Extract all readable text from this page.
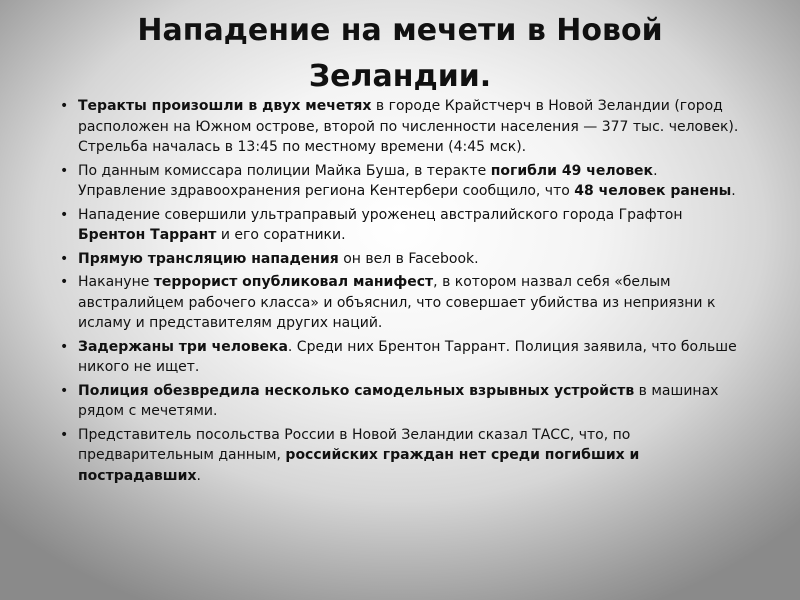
Нападение на мечети в Новой Зеландии.
• Теракты произошли в двух мечетях в городе Крайстчерч в Новой Зеландии (город расположен на Южном острове, второй по численности населения — 377 тыс. человек). Стрельба началась в 13:45 по местному времени (4:45 мск).
• По данным комиссара полиции Майка Буша, в теракте погибли 49 человек. Управление здравоохранения региона Кентербери сообщило, что 48 человек ранены.
• Нападение совершили ультраправый уроженец австралийского города Графтон Брентон Таррант и его соратники.
• Прямую трансляцию нападения он вел в Facebook.
• Накануне террорист опубликовал манифест, в котором назвал себя «белым австралийцем рабочего класса» и объяснил, что совершает убийства из неприязни к исламу и представителям других наций.
• Задержаны три человека. Среди них Брентон Таррант. Полиция заявила, что больше никого не ищет.
• Полиция обезвредила несколько самодельных взрывных устройств в машинах рядом с мечетями.
• Представитель посольства России в Новой Зеландии сказал ТАСС, что, по предварительным данным, российских граждан нет среди погибших и пострадавших.
